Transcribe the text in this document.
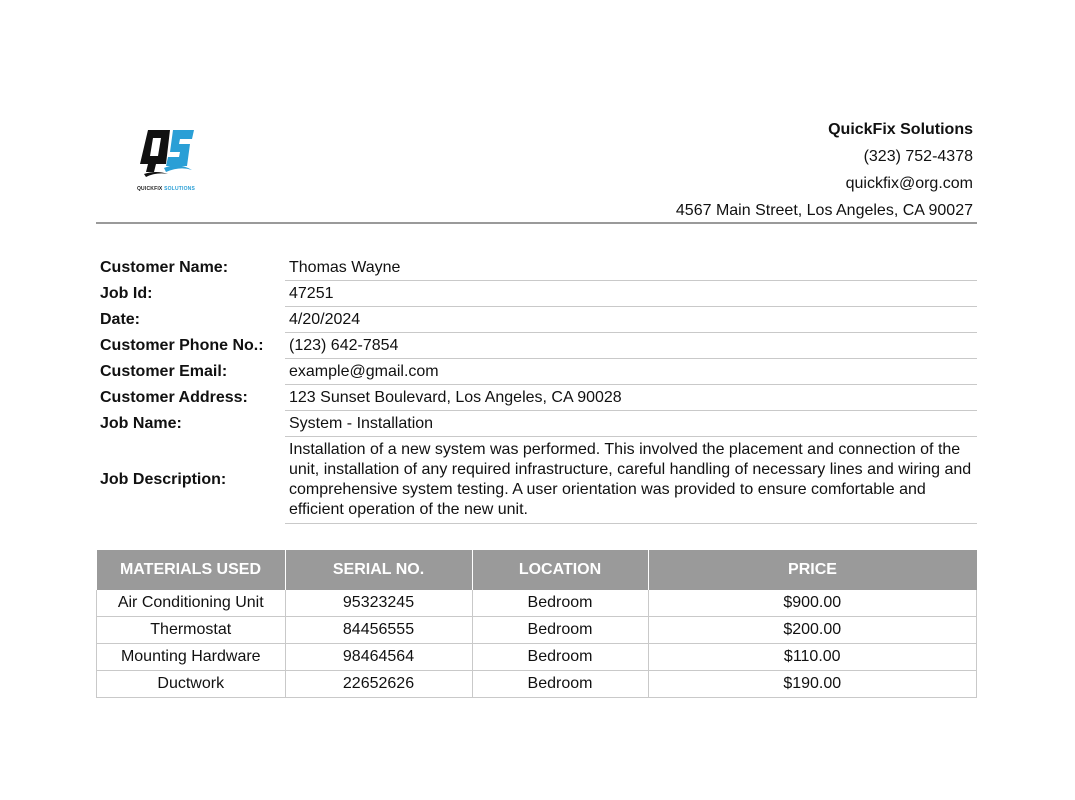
QUICKFIX SOLUTIONS
QuickFix Solutions
(323) 752-4378
quickfix@org.com
4567 Main Street, Los Angeles, CA 90027
Customer Name:	Thomas Wayne
Job Id:	47251
Date:	4/20/2024
Customer Phone No.:	(123) 642-7854
Customer Email:	example@gmail.com
Customer Address:	123 Sunset Boulevard, Los Angeles, CA 90028
Job Name:	System - Installation
Job Description:	Installation of a new system was performed. This involved the placement and connection of the unit, installation of any required infrastructure, careful handling of necessary lines and wiring and comprehensive system testing. A user orientation was provided to ensure comfortable and efficient operation of the new unit.
MATERIALS USED	SERIAL NO.	LOCATION	PRICE
Air Conditioning Unit	95323245	Bedroom	$900.00
Thermostat	84456555	Bedroom	$200.00
Mounting Hardware	98464564	Bedroom	$110.00
Ductwork	22652626	Bedroom	$190.00
